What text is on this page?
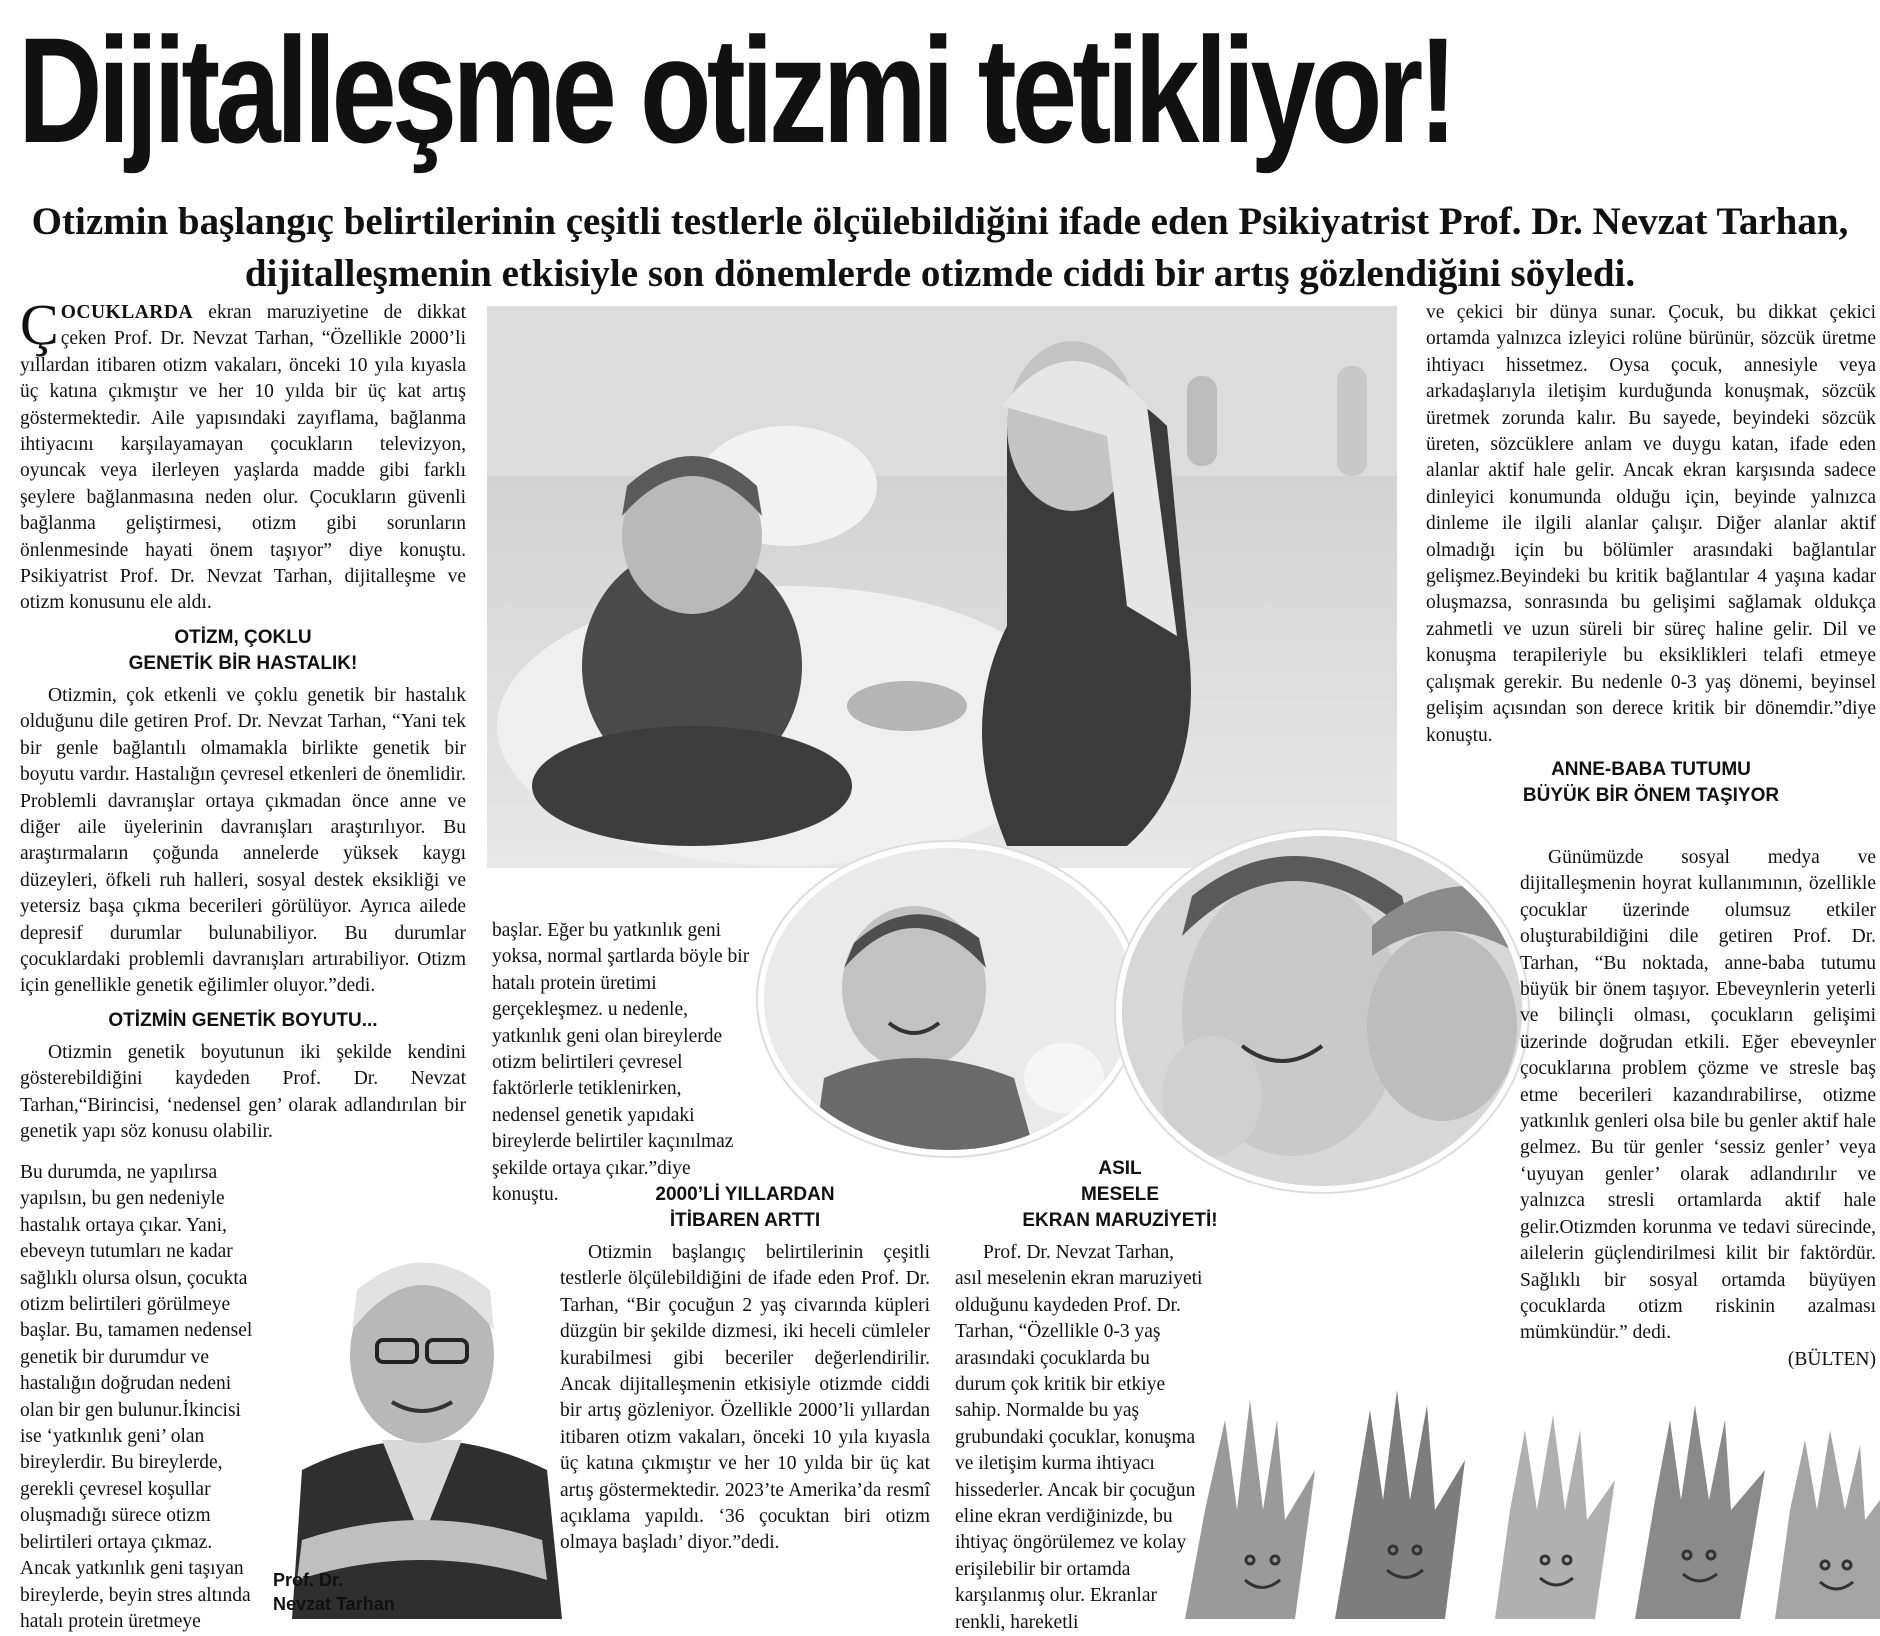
Dijitalleşme otizmi tetikliyor!
Otizmin başlangıç belirtilerinin çeşitli testlerle ölçülebildiğini ifade eden Psikiyatrist Prof. Dr. Nevzat Tarhan, dijitalleşmenin etkisiyle son dönemlerde otizmde ciddi bir artış gözlendiğini söyledi.
Prof. Dr.
Nevzat Tarhan

ÇOCUKLARDA ekran maruziyetine de dikkat çeken Prof. Dr. Nevzat Tarhan, “Özellikle 2000’li yıllardan itibaren otizm vakaları, önceki 10 yıla kıyasla üç katına çıkmıştır ve her 10 yılda bir üç kat artış göstermektedir. Aile yapısındaki zayıflama, bağlanma ihtiyacını karşılayamayan çocukların televizyon, oyuncak veya ilerleyen yaşlarda madde gibi farklı şeylere bağlanmasına neden olur. Çocukların güvenli bağlanma geliştirmesi, otizm gibi sorunların önlenmesinde hayati önem taşıyor” diye konuştu. Psikiyatrist Prof. Dr. Nevzat Tarhan, dijitalleşme ve otizm konusunu ele aldı.

OTİZM, ÇOKLU
GENETİK BİR HASTALIK!

Otizmin, çok etkenli ve çoklu genetik bir hastalık olduğunu dile getiren Prof. Dr. Nevzat Tarhan, “Yani tek bir genle bağlantılı olmamakla birlikte genetik bir boyutu vardır. Hastalığın çevresel etkenleri de önemlidir. Problemli davranışlar ortaya çıkmadan önce anne ve diğer aile üyelerinin davranışları araştırılıyor. Bu araştırmaların çoğunda annelerde yüksek kaygı düzeyleri, öfkeli ruh halleri, sosyal destek eksikliği ve yetersiz başa çıkma becerileri görülüyor. Ayrıca ailede depresif durumlar bulunabiliyor. Bu durumlar çocuklardaki problemli davranışları artırabiliyor. Otizm için genellikle genetik eğilimler oluyor.”dedi.

OTİZMİN GENETİK BOYUTU...

Otizmin genetik boyutunun iki şekilde kendini gösterebildiğini kaydeden Prof. Dr. Nevzat Tarhan,“Birincisi, ‘nedensel gen’ olarak adlandırılan bir genetik yapı söz konusu olabilir.

Bu durumda, ne yapılırsa yapılsın, bu gen nedeniyle hastalık ortaya çıkar. Yani, ebeveyn tutumları ne kadar sağlıklı olursa olsun, çocukta otizm belirtileri görülmeye başlar. Bu, tamamen nedensel genetik bir durumdur ve hastalığın doğrudan nedeni olan bir gen bulunur.İkincisi ise ‘yatkınlık geni’ olan bireylerdir. Bu bireylerde, gerekli çevresel koşullar oluşmadığı sürece otizm belirtileri ortaya çıkmaz. Ancak yatkınlık geni taşıyan bireylerde, beyin stres altında hatalı protein üretmeye

başlar. Eğer bu yatkınlık geni yoksa, normal şartlarda böyle bir hatalı protein üretimi gerçekleşmez. u nedenle, yatkınlık geni olan bireylerde otizm belirtileri çevresel faktörlerle tetiklenirken, nedensel genetik yapıdaki bireylerde belirtiler kaçınılmaz şekilde ortaya çıkar.”diye konuştu.	2000’Lİ YILLARDAN
İTİBAREN ARTTI

Otizmin başlangıç belirtilerinin çeşitli testlerle ölçülebildiğini de ifade eden Prof. Dr. Tarhan, “Bir çocuğun 2 yaş civarında küpleri düzgün bir şekilde dizmesi, iki heceli cümleler kurabilmesi gibi beceriler değerlendirilir. Ancak dijitalleşmenin etkisiyle otizmde ciddi bir artış gözleniyor. Özellikle 2000’li yıllardan itibaren otizm vakaları, önceki 10 yıla kıyasla üç katına çıkmıştır ve her 10 yılda bir üç kat artış göstermektedir. 2023’te Amerika’da resmî açıklama yapıldı. ‘36 çocuktan biri otizm olmaya başladı’ diyor.”dedi.

ASIL
MESELE
EKRAN MARUZİYETİ!

Prof. Dr. Nevzat Tarhan, asıl meselenin ekran maruziyeti olduğunu kaydeden Prof. Dr. Tarhan, “Özellikle 0-3 yaş arasındaki çocuklarda bu durum çok kritik bir etkiye sahip. Normalde bu yaş grubundaki çocuklar, konuşma ve iletişim kurma ihtiyacı hissederler. Ancak bir çocuğun eline ekran verdiğinizde, bu ihtiyaç öngörülemez ve kolay erişilebilir bir ortamda karşılanmış olur. Ekranlar renkli, hareketli

ve çekici bir dünya sunar. Çocuk, bu dikkat çekici ortamda yalnızca izleyici rolüne bürünür, sözcük üretme ihtiyacı hissetmez. Oysa çocuk, annesiyle veya arkadaşlarıyla iletişim kurduğunda konuşmak, sözcük üretmek zorunda kalır. Bu sayede, beyindeki sözcük üreten, sözcüklere anlam ve duygu katan, ifade eden alanlar aktif hale gelir. Ancak ekran karşısında sadece dinleyici konumunda olduğu için, beyinde yalnızca dinleme ile ilgili alanlar çalışır. Diğer alanlar aktif olmadığı için bu bölümler arasındaki bağlantılar gelişmez.Beyindeki bu kritik bağlantılar 4 yaşına kadar oluşmazsa, sonrasında bu gelişimi sağlamak oldukça zahmetli ve uzun süreli bir süreç haline gelir. Dil ve konuşma terapileriyle bu eksiklikleri telafi etmeye çalışmak gerekir. Bu nedenle 0-3 yaş dönemi, beyinsel gelişim açısından son derece kritik bir dönemdir.”diye konuştu.

ANNE-BABA TUTUMU
BÜYÜK BİR ÖNEM TAŞIYOR

Günümüzde sosyal medya ve dijitalleşmenin hoyrat kullanımının, özellikle çocuklar üzerinde olumsuz etkiler oluşturabildiğini dile getiren Prof. Dr. Tarhan, “Bu noktada, anne-baba tutumu büyük bir önem taşıyor. Ebeveynlerin yeterli ve bilinçli olması, çocukların gelişimi üzerinde doğrudan etkili. Eğer ebeveynler çocuklarına problem çözme ve stresle baş etme becerileri kazandırabilirse, otizme yatkınlık genleri olsa bile bu genler aktif hale gelmez. Bu tür genler ‘sessiz genler’ veya ‘uyuyan genler’ olarak adlandırılır ve yalnızca stresli ortamlarda aktif hale gelir.Otizmden korunma ve tedavi sürecinde, ailelerin güçlendirilmesi kilit bir faktördür. Sağlıklı bir sosyal ortamda büyüyen çocuklarda otizm riskinin azalması mümkündür.” dedi.

(BÜLTEN)
